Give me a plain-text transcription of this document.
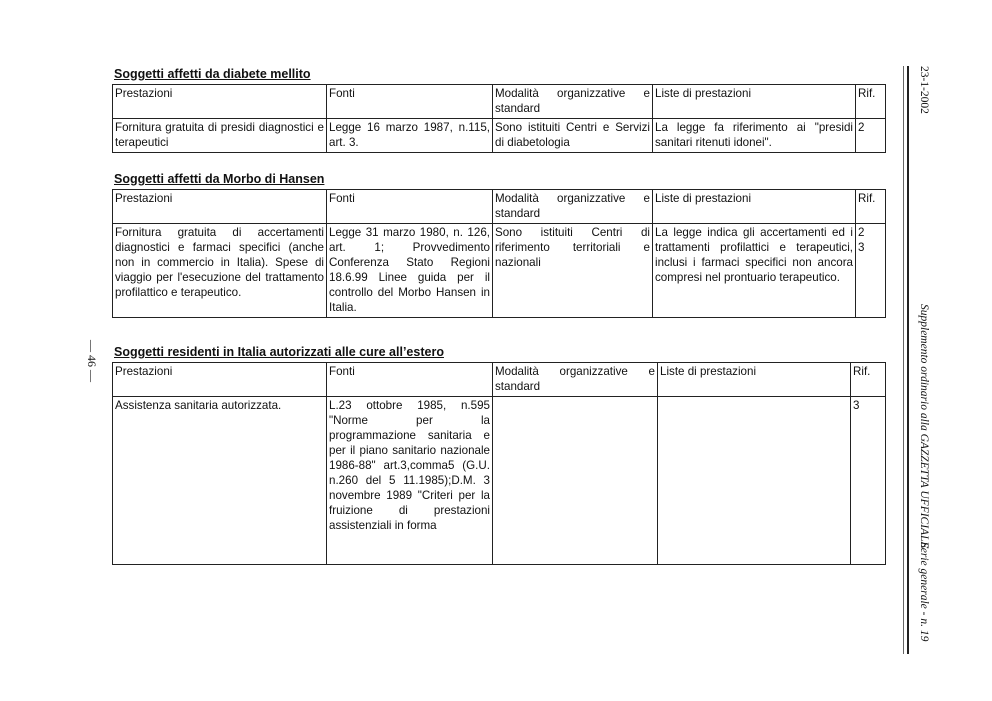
— 46 —
Soggetti affetti da diabete mellito
Prestazioni	Fonti	Modalità organizzative e standard	Liste di prestazioni	Rif.
Fornitura gratuita di presidi diagnostici e terapeutici	Legge 16 marzo 1987, n.115, art. 3.	Sono istituiti Centri e Servizi di diabetologia	La legge fa riferimento ai "presidi sanitari ritenuti idonei".	2
Soggetti affetti da Morbo di Hansen
Prestazioni	Fonti	Modalità organizzative e standard	Liste di prestazioni	Rif.
Fornitura gratuita di accertamenti diagnostici e farmaci specifici (anche non in commercio in Italia). Spese di viaggio per l'esecuzione del trattamento profilattico e terapeutico.	Legge 31 marzo 1980, n. 126, art. 1; Provvedimento Conferenza Stato Regioni 18.6.99 Linee guida per il controllo del Morbo Hansen in Italia.	Sono istituiti Centri di riferimento territoriali e nazionali	La legge indica gli accertamenti ed i trattamenti profilattici e terapeutici, inclusi i farmaci specifici non ancora compresi nel prontuario terapeutico.	2
3
Soggetti residenti in Italia autorizzati alle cure all’estero
Prestazioni	Fonti	Modalità organizzative e standard	Liste di prestazioni	Rif.
Assistenza sanitaria autorizzata.	L.23 ottobre 1985, n.595 "Norme per la programmazione sanitaria e per il piano sanitario nazionale 1986-88" art.3,comma5 (G.U. n.260 del 5 11.1985);D.M. 3 novembre 1989 "Criteri per la fruizione di prestazioni assistenziali in forma			3
23-1-2002
Supplemento ordinario alla GAZZETTA UFFICIALE
Serie generale - n. 19
